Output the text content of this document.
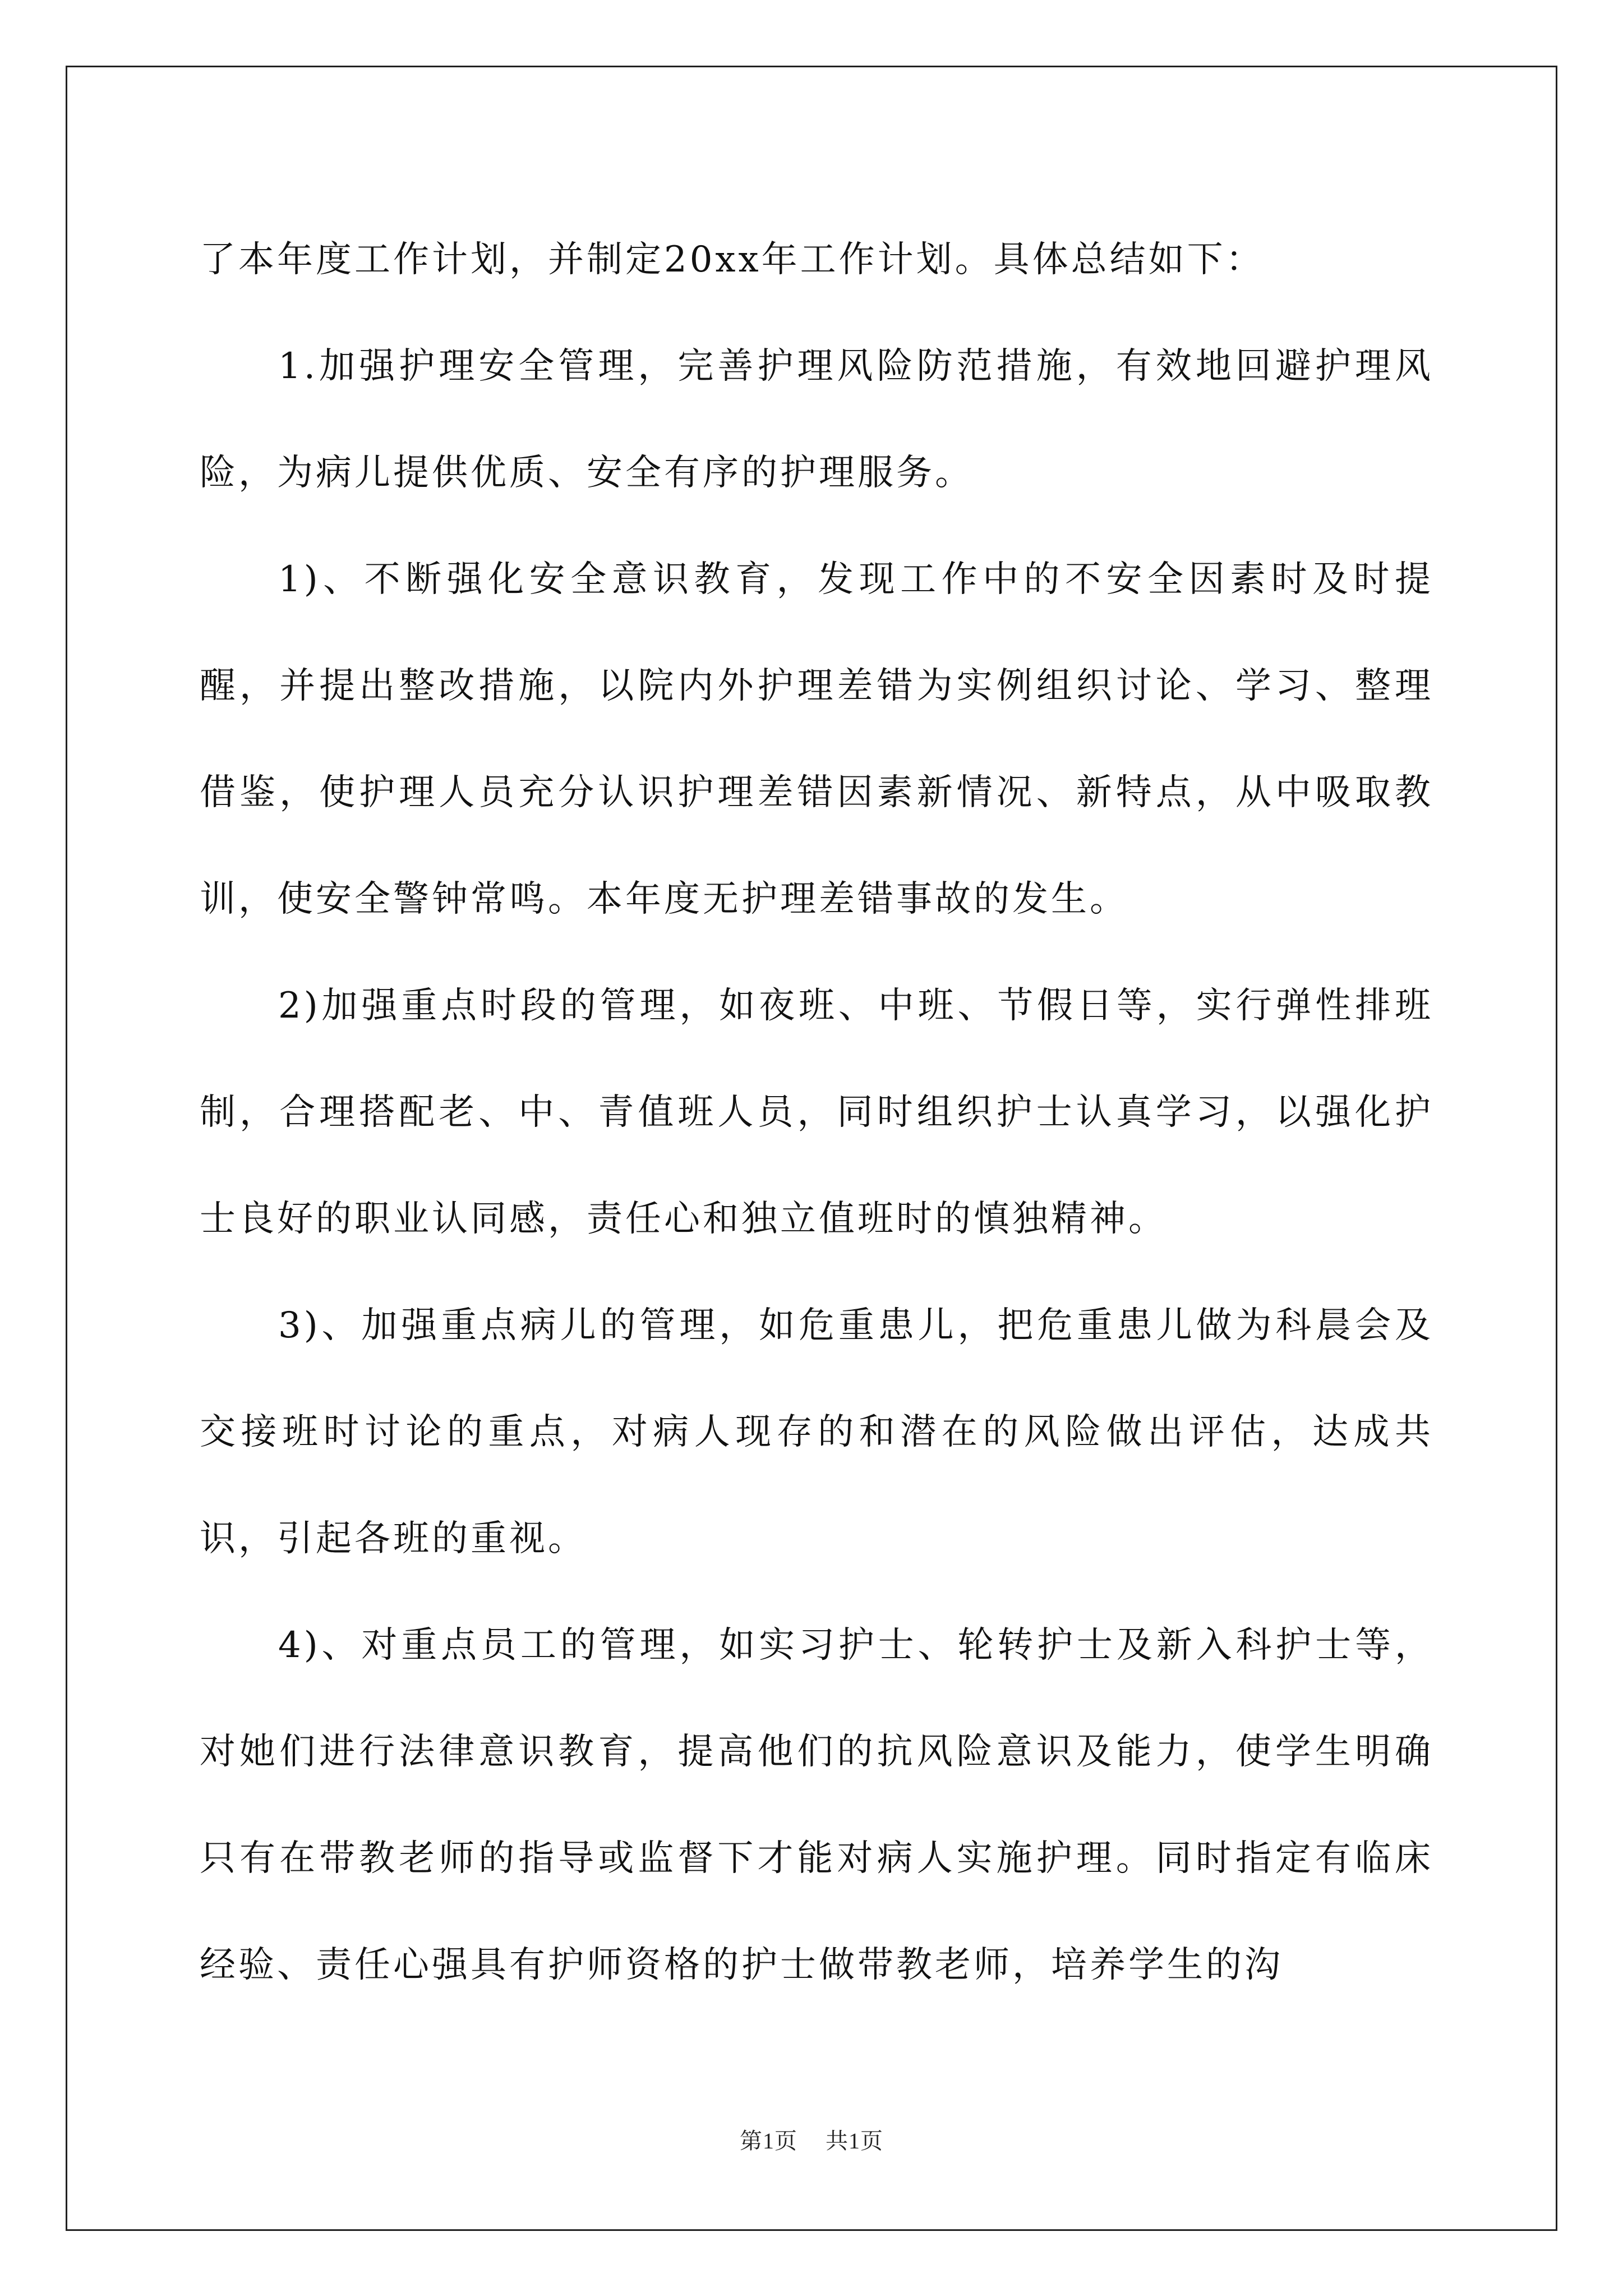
了本年度工作计划，并制定20xx年工作计划。具体总结如下：

1.加强护理安全管理，完善护理风险防范措施，有效地回避护理风险，为病儿提供优质、安全有序的护理服务。

1)、不断强化安全意识教育，发现工作中的不安全因素时及时提醒，并提出整改措施，以院内外护理差错为实例组织讨论、学习、整理借鉴，使护理人员充分认识护理差错因素新情况、新特点，从中吸取教训，使安全警钟常鸣。本年度无护理差错事故的发生。

2)加强重点时段的管理，如夜班、中班、节假日等，实行弹性排班制，合理搭配老、中、青值班人员，同时组织护士认真学习，以强化护士良好的职业认同感，责任心和独立值班时的慎独精神。

3)、加强重点病儿的管理，如危重患儿，把危重患儿做为科晨会及交接班时讨论的重点，对病人现存的和潜在的风险做出评估，达成共识，引起各班的重视。

4)、对重点员工的管理，如实习护士、轮转护士及新入科护士等，对她们进行法律意识教育，提高他们的抗风险意识及能力，使学生明确只有在带教老师的指导或监督下才能对病人实施护理。同时指定有临床经验、责任心强具有护师资格的护士做带教老师，培养学生的沟

第1页 共1页
